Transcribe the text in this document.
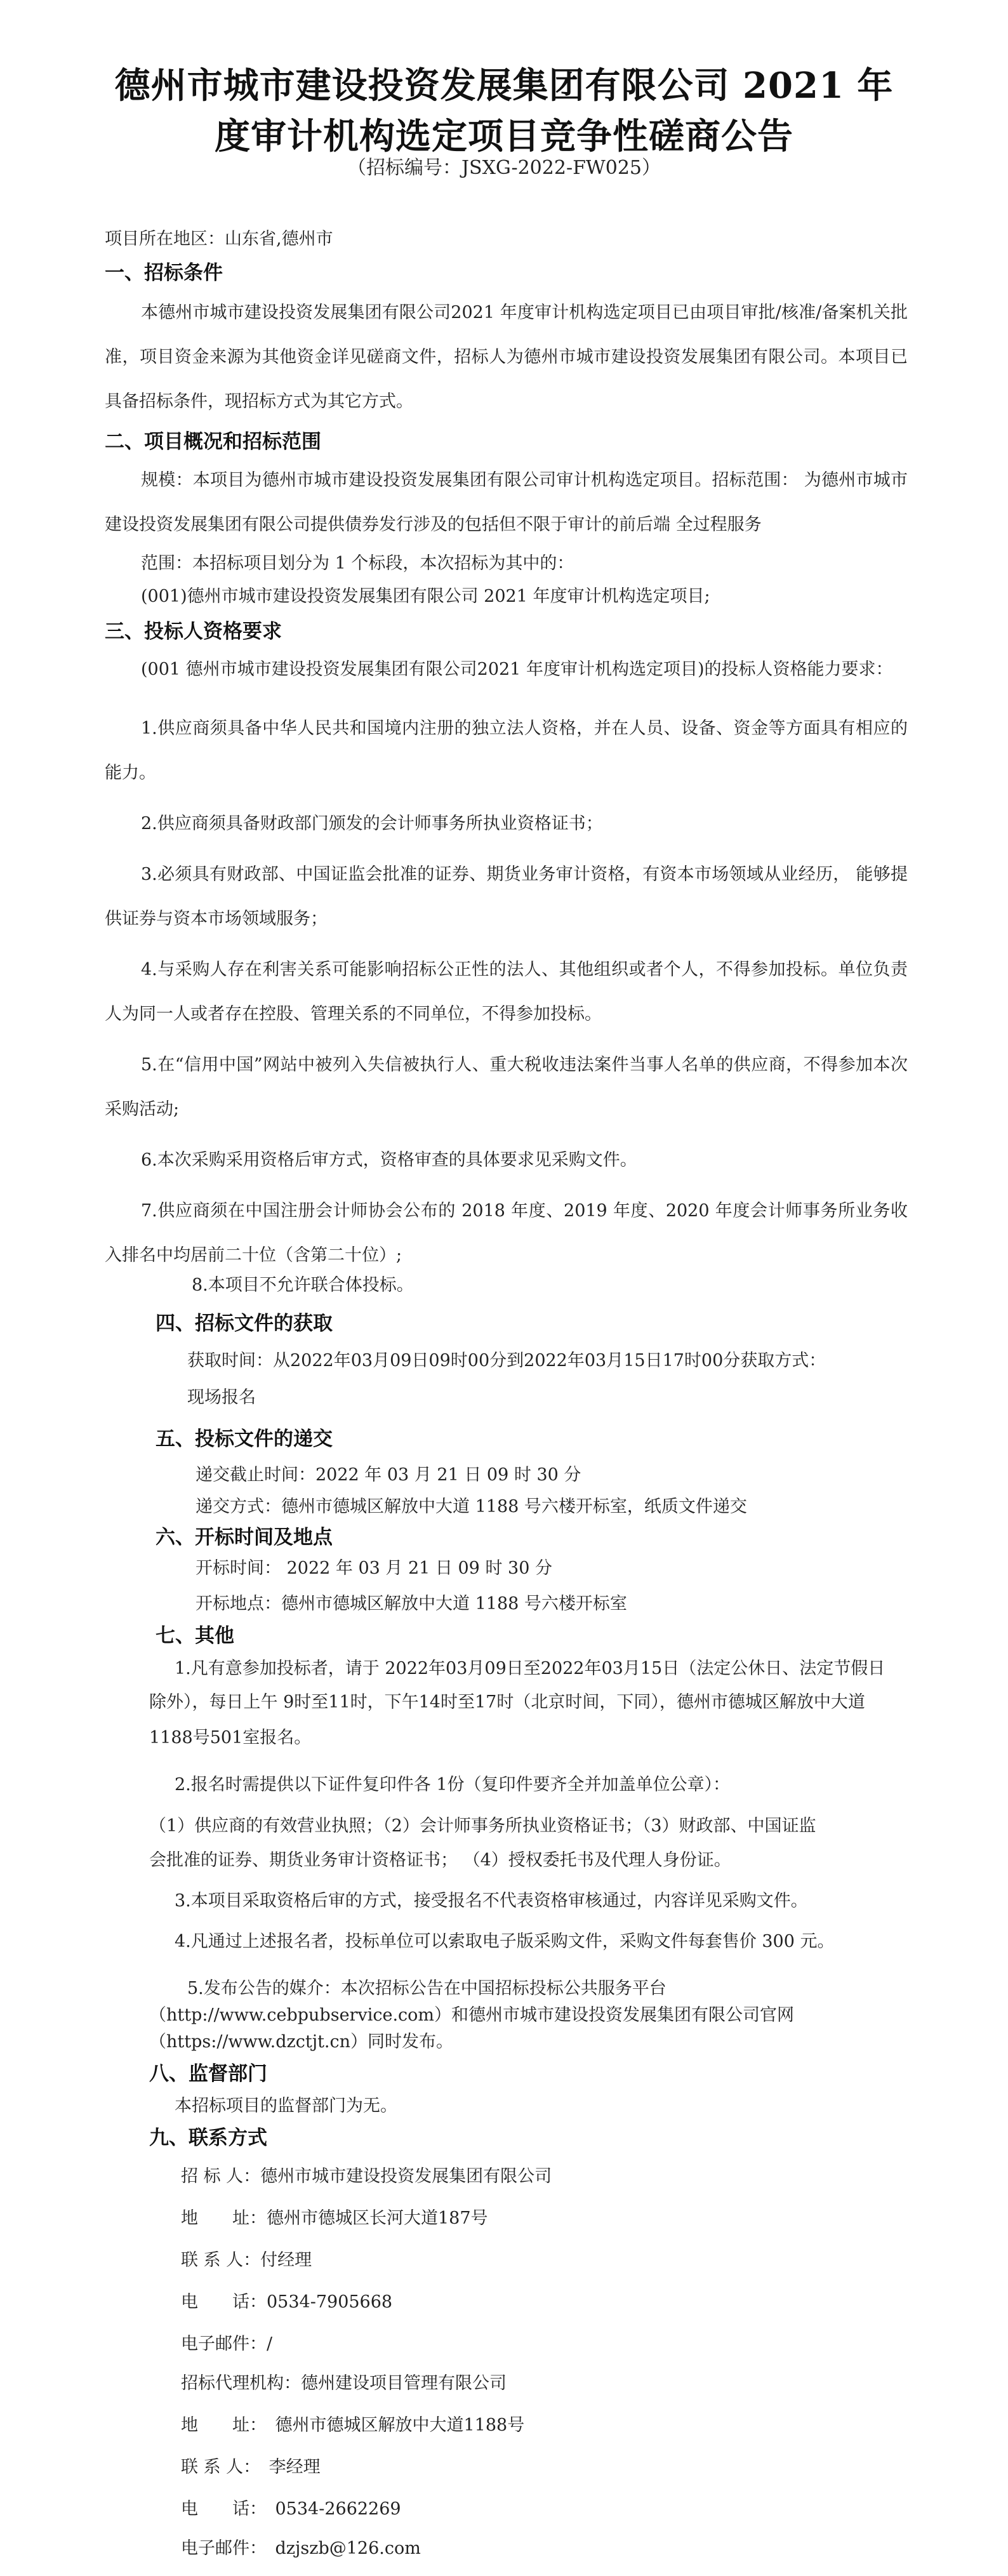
德州市城市建设投资发展集团有限公司 2021 年
度审计机构选定项目竞争性磋商公告
（招标编号：JSXG-2022-FW025）
项目所在地区：山东省,德州市
一、招标条件
本德州市城市建设投资发展集团有限公司2021 年度审计机构选定项目已由项目审批/核准/备案机关批准，项目资金来源为其他资金详见磋商文件，招标人为德州市城市建设投资发展集团有限公司。本项目已具备招标条件，现招标方式为其它方式。
二、项目概况和招标范围
规模：本项目为德州市城市建设投资发展集团有限公司审计机构选定项目。招标范围： 为德州市城市建设投资发展集团有限公司提供债券发行涉及的包括但不限于审计的前后端 全过程服务
范围：本招标项目划分为 1 个标段，本次招标为其中的：
(001)德州市城市建设投资发展集团有限公司 2021 年度审计机构选定项目;
三、投标人资格要求
(001 德州市城市建设投资发展集团有限公司2021 年度审计机构选定项目)的投标人资格能力要求：
1.供应商须具备中华人民共和国境内注册的独立法人资格，并在人员、设备、资金等方面具有相应的能力。
2.供应商须具备财政部门颁发的会计师事务所执业资格证书；
3.必须具有财政部、中国证监会批准的证券、期货业务审计资格，有资本市场领域从业经历， 能够提供证券与资本市场领域服务；
4.与采购人存在利害关系可能影响招标公正性的法人、其他组织或者个人，不得参加投标。单位负责人为同一人或者存在控股、管理关系的不同单位，不得参加投标。
5.在“信用中国”网站中被列入失信被执行人、重大税收违法案件当事人名单的供应商，不得参加本次采购活动;
6.本次采购采用资格后审方式，资格审查的具体要求见采购文件。
7.供应商须在中国注册会计师协会公布的 2018 年度、2019 年度、2020 年度会计师事务所业务收入排名中均居前二十位（含第二十位）;
8.本项目不允许联合体投标。
四、招标文件的获取
获取时间：从2022年03月09日09时00分到2022年03月15日17时00分获取方式：
现场报名
五、投标文件的递交
递交截止时间：2022 年 03 月 21 日 09 时 30 分
递交方式：德州市德城区解放中大道 1188 号六楼开标室，纸质文件递交
六、开标时间及地点
开标时间： 2022 年 03 月 21 日 09 时 30 分
开标地点：德州市德城区解放中大道 1188 号六楼开标室
七、其他
1.凡有意参加投标者，请于 2022年03月09日至2022年03月15日（法定公休日、法定节假日
除外），每日上午 9时至11时，下午14时至17时（北京时间，下同），德州市德城区解放中大道
1188号501室报名。
2.报名时需提供以下证件复印件各 1份（复印件要齐全并加盖单位公章）：
（1）供应商的有效营业执照；（2）会计师事务所执业资格证书；（3）财政部、中国证监
会批准的证券、期货业务审计资格证书； （4）授权委托书及代理人身份证。
3.本项目采取资格后审的方式，接受报名不代表资格审核通过，内容详见采购文件。
4.凡通过上述报名者，投标单位可以索取电子版采购文件，采购文件每套售价 300 元。
5.发布公告的媒介：本次招标公告在中国招标投标公共服务平台
（http://www.cebpubservice.com）和德州市城市建设投资发展集团有限公司官网
（https://www.dzctjt.cn）同时发布。
八、监督部门
本招标项目的监督部门为无。
九、联系方式
招 标 人：德州市城市建设投资发展集团有限公司
地　　址：德州市德城区长河大道187号
联 系 人：付经理
电　　话：0534-7905668
电子邮件：/
招标代理机构：德州建设项目管理有限公司
地　　址：　德州市德城区解放中大道1188号
联 系 人：　李经理
电　　话：　0534-2662269
电子邮件：　dzjszb@126.com
